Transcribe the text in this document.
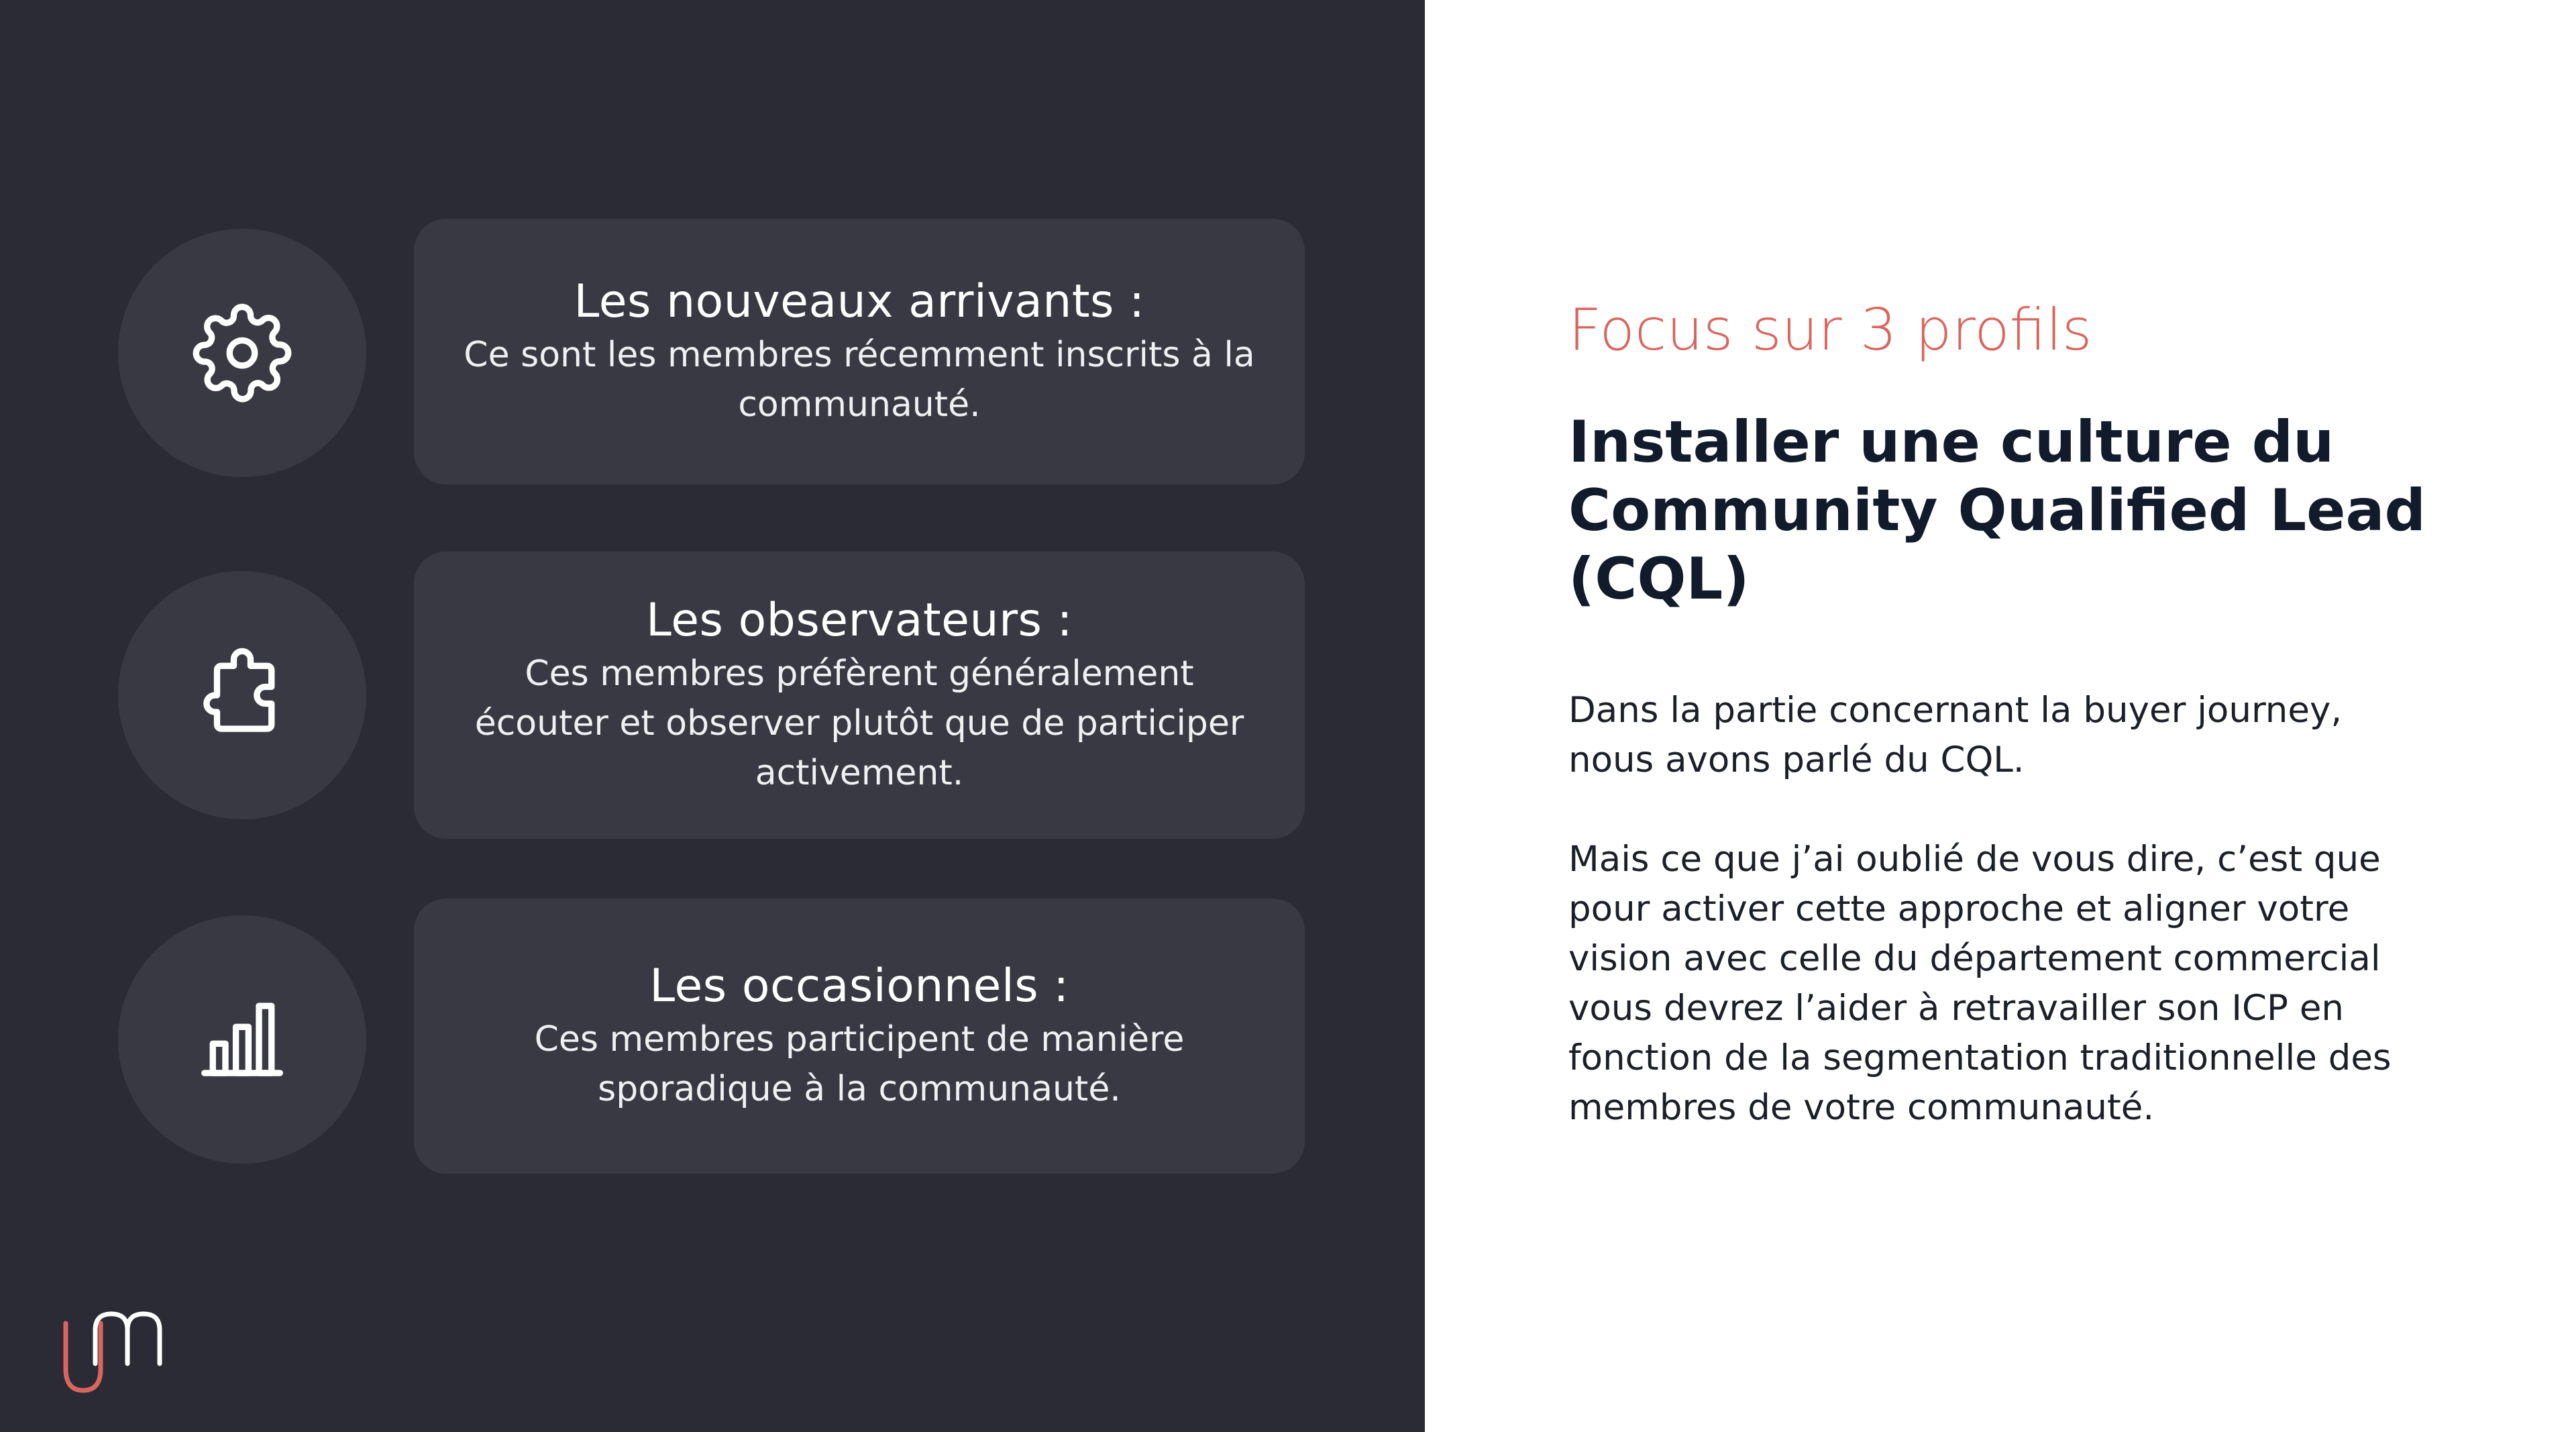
Les nouveaux arrivants :
Ce sont les membres récemment inscrits à la communauté.
Les observateurs :
Ces membres préfèrent généralement écouter et observer plutôt que de participer activement.
Les occasionnels :
Ces membres participent de manière sporadique à la communauté.
Focus sur 3 profils
Installer une culture du Community Qualified Lead (CQL)

Dans la partie concernant la buyer journey, nous avons parlé du CQL.

Mais ce que j’ai oublié de vous dire, c’est que pour activer cette approche et aligner votre vision avec celle du département commercial vous devrez l’aider à retravailler son ICP en fonction de la segmentation traditionnelle des membres de votre communauté.
